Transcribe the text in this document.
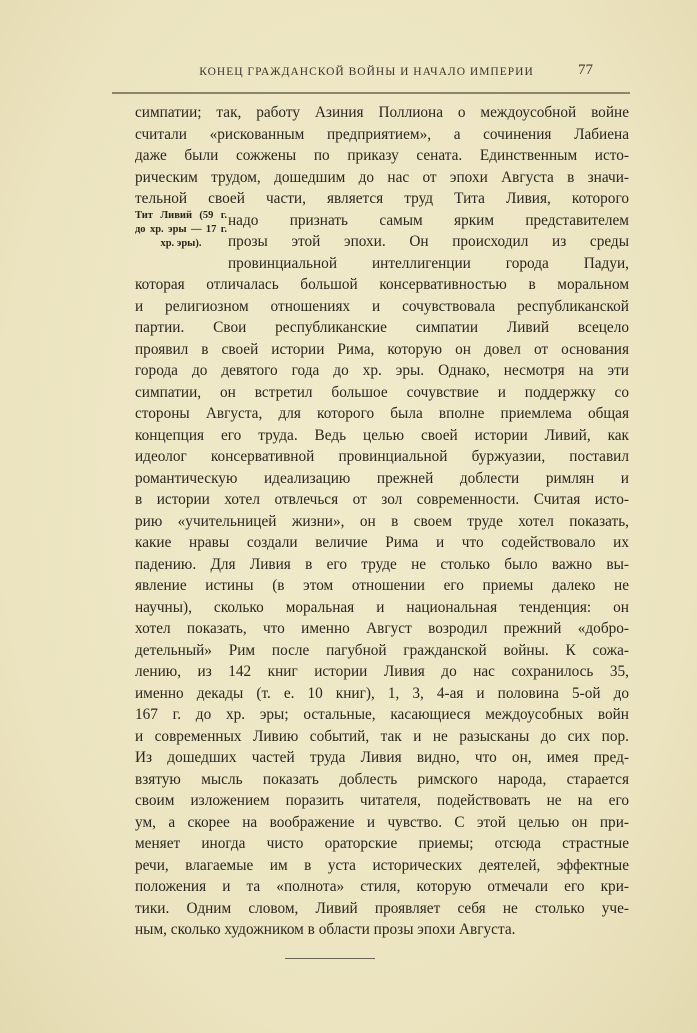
КОНЕЦ ГРАЖДАНСКОЙ ВОЙНЫ И НАЧАЛО ИМПЕРИИ	77
Тит Ливий (59 г.
до хр. эры — 17 г.
хр. эры).
симпатии; так, работу Азиния Поллиона о междоусобной войне
считали «рискованным предприятием», а сочинения Лабиена
даже были сожжены по приказу сената. Единственным исто-
рическим трудом, дошедшим до нас от эпохи Августа в значи-
тельной своей части, является труд Тита Ливия, которого
надо признать самым ярким представителем
прозы этой эпохи. Он происходил из среды
провинциальной интеллигенции города Падуи,
которая отличалась большой консервативностью в моральном
и религиозном отношениях и сочувствовала республиканской
партии. Свои республиканские симпатии Ливий всецело
проявил в своей истории Рима, которую он довел от основания
города до девятого года до хр. эры. Однако, несмотря на эти
симпатии, он встретил большое сочувствие и поддержку со
стороны Августа, для которого была вполне приемлема общая
концепция его труда. Ведь целью своей истории Ливий, как
идеолог консервативной провинциальной буржуазии, поставил
романтическую идеализацию прежней доблести римлян и
в истории хотел отвлечься от зол современности. Считая исто-
рию «учительницей жизни», он в своем труде хотел показать,
какие нравы создали величие Рима и что содействовало их
падению. Для Ливия в его труде не столько было важно вы-
явление истины (в этом отношении его приемы далеко не
научны), сколько моральная и национальная тенденция: он
хотел показать, что именно Август возродил прежний «добро-
детельный» Рим после пагубной гражданской войны. К сожа-
лению, из 142 книг истории Ливия до нас сохранилось 35,
именно декады (т. е. 10 книг), 1, 3, 4-ая и половина 5-ой до
167 г. до хр. эры; остальные, касающиеся междоусобных войн
и современных Ливию событий, так и не разысканы до сих пор.
Из дошедших частей труда Ливия видно, что он, имея пред-
взятую мысль показать доблесть римского народа, старается
своим изложением поразить читателя, подействовать не на его
ум, а скорее на воображение и чувство. С этой целью он при-
меняет иногда чисто ораторские приемы; отсюда страстные
речи, влагаемые им в уста исторических деятелей, эффектные
положения и та «полнота» стиля, которую отмечали его кри-
тики. Одним словом, Ливий проявляет себя не столько уче-
ным, сколько художником в области прозы эпохи Августа.
